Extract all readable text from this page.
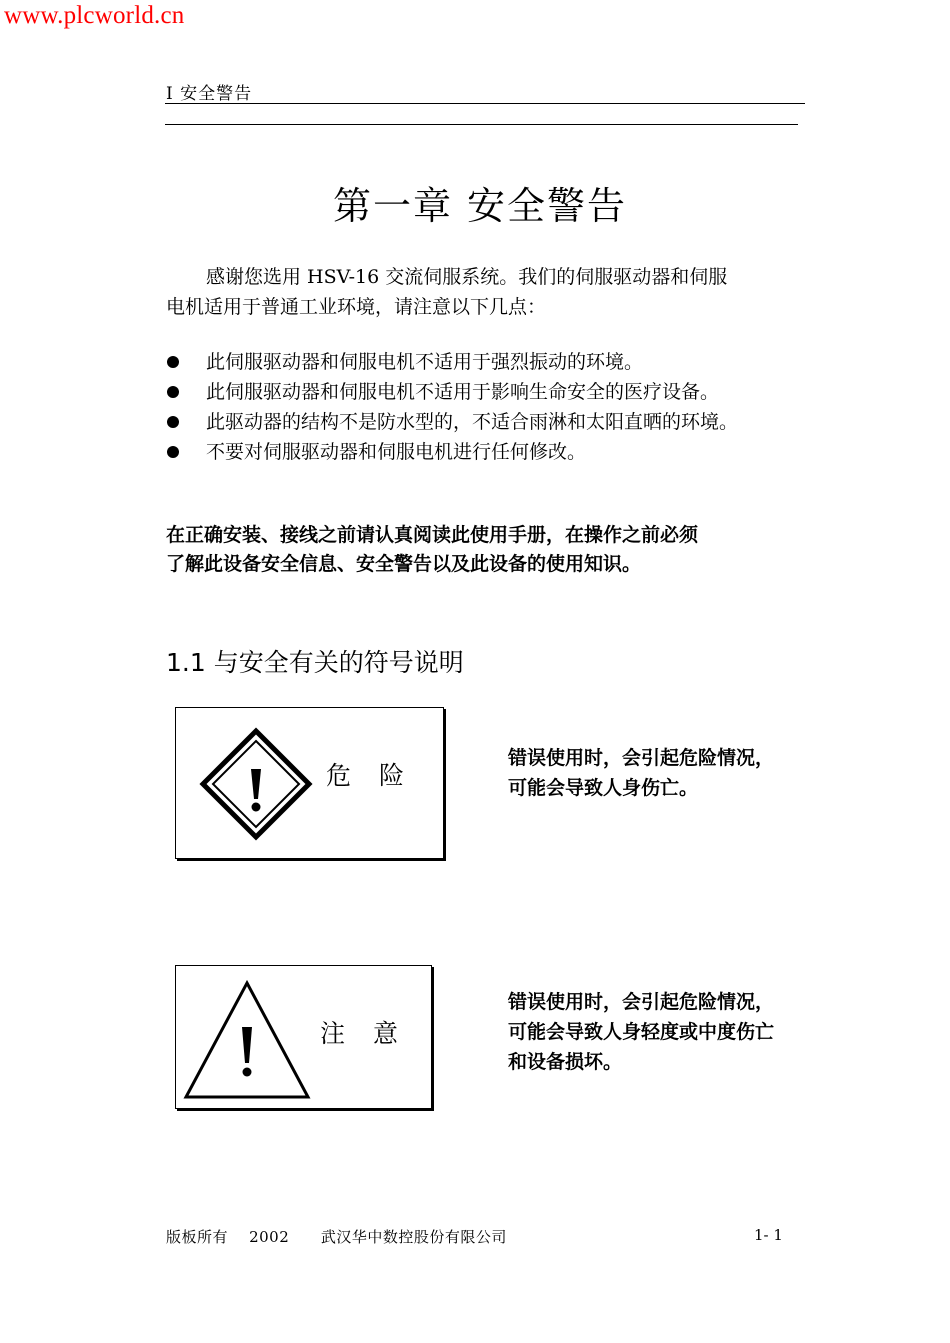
www.plcworld.cn
I 安全警告
第一章 安全警告
感谢您选用 HSV-16 交流伺服系统。我们的伺服驱动器和伺服
电机适用于普通工业环境，请注意以下几点：
此伺服驱动器和伺服电机不适用于强烈振动的环境。
此伺服驱动器和伺服电机不适用于影响生命安全的医疗设备。
此驱动器的结构不是防水型的，不适合雨淋和太阳直晒的环境。
不要对伺服驱动器和伺服电机进行任何修改。
在正确安装、接线之前请认真阅读此使用手册，在操作之前必须
了解此设备安全信息、安全警告以及此设备的使用知识。
1.1 与安全有关的符号说明
危险
错误使用时，会引起危险情况，
可能会导致人身伤亡。
注意
错误使用时，会引起危险情况，
可能会导致人身轻度或中度伤亡
和设备损坏。
版板所有    2002      武汉华中数控股份有限公司	1- 1
